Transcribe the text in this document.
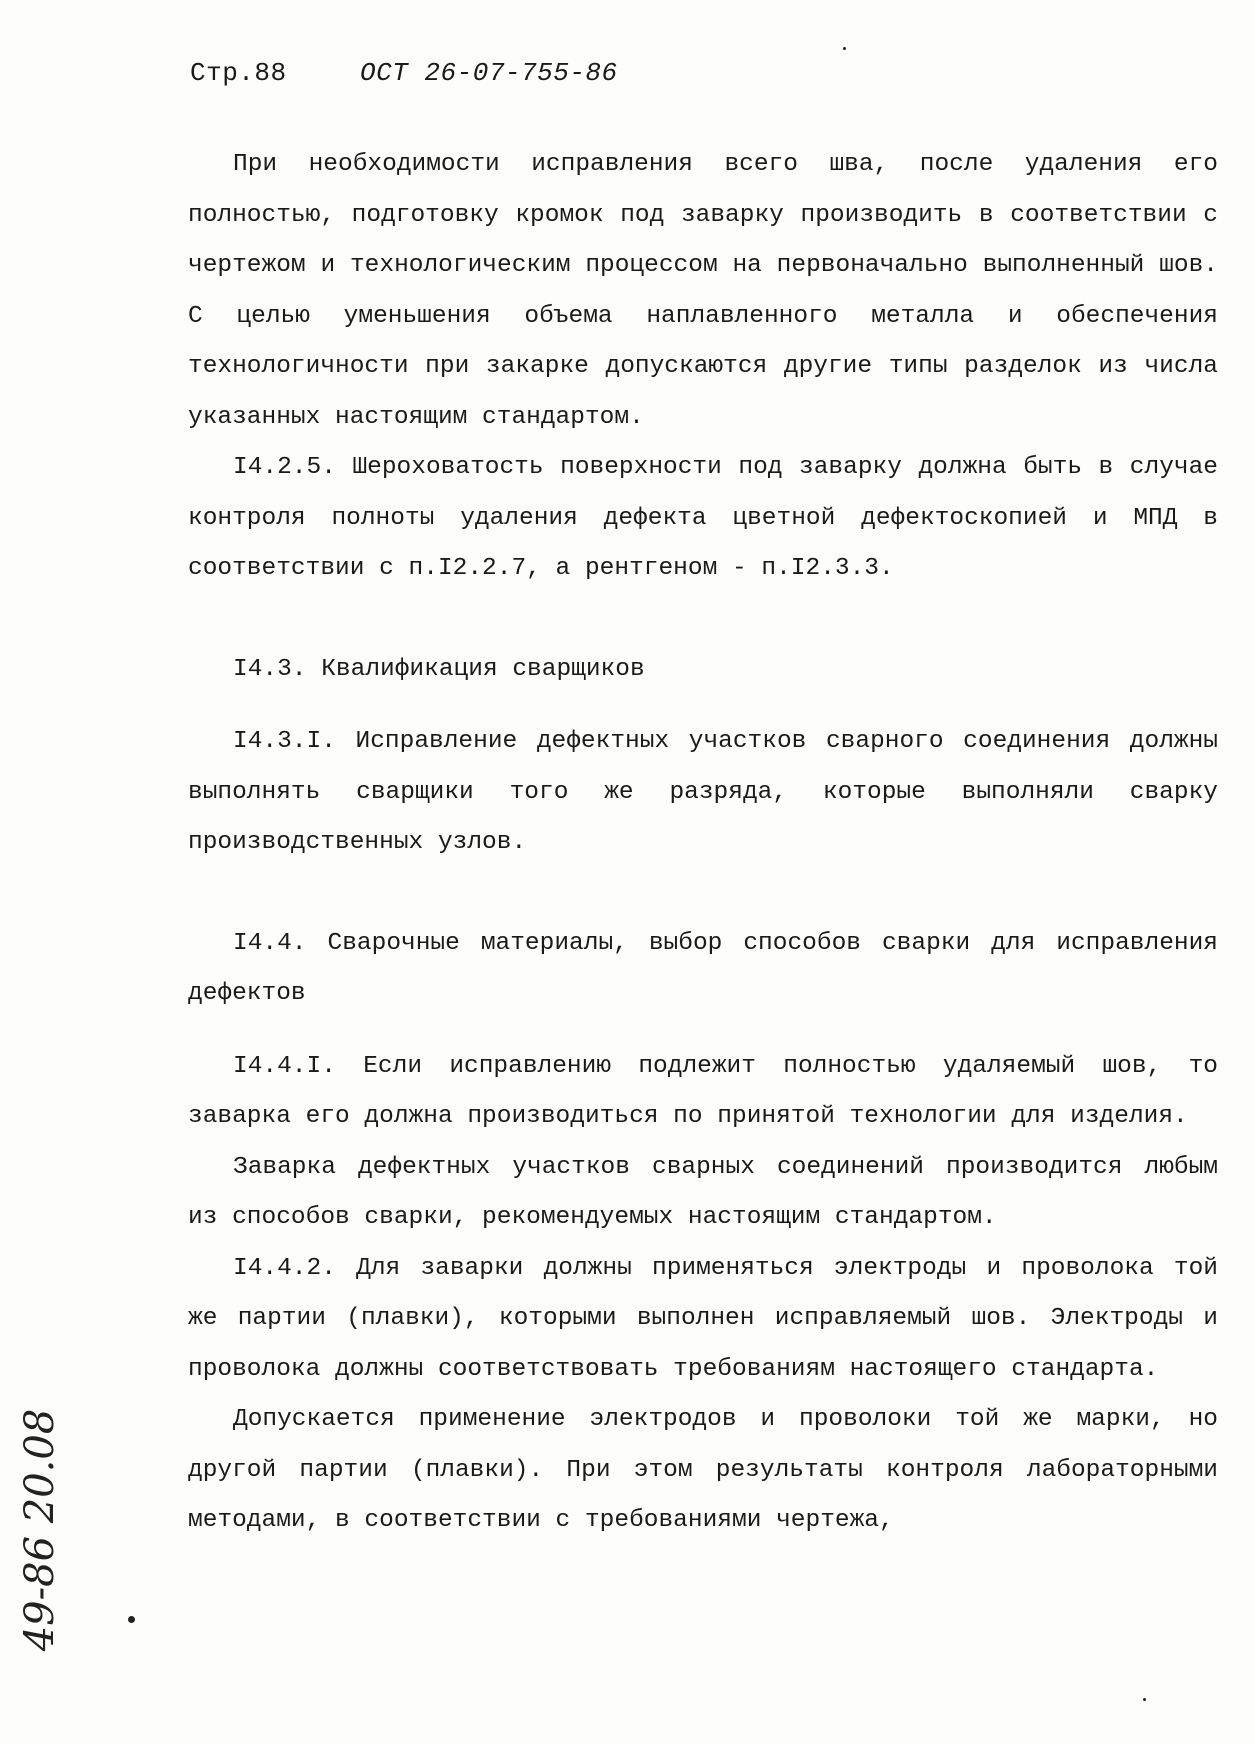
Стр.88	ОСТ 26-07-755-86

При необходимости исправления всего шва, после удаления его полностью, подготовку кромок под заварку производить в соответствии с чертежом и технологическим процессом на первоначально выполненный шов. С целью уменьшения объема наплавленного металла и обеспечения технологичности при закарке допускаются другие типы разделок из числа указанных настоящим стандартом.

I4.2.5. Шероховатость поверхности под заварку должна быть в случае контроля полноты удаления дефекта цветной дефектоскопией и МПД в соответствии с п.I2.2.7, а рентгеном - п.I2.3.3.

I4.3. Квалификация сварщиков

I4.3.I. Исправление дефектных участков сварного соединения должны выполнять сварщики того же разряда, которые выполняли сварку производственных узлов.

I4.4. Сварочные материалы, выбор способов сварки для исправления дефектов

I4.4.I. Если исправлению подлежит полностью удаляемый шов, то заварка его должна производиться по принятой технологии для изделия.

Заварка дефектных участков сварных соединений производится любым из способов сварки, рекомендуемых настоящим стандартом.

I4.4.2. Для заварки должны применяться электроды и проволока той же партии (плавки), которыми выполнен исправляемый шов. Электроды и проволока должны соответствовать требованиям настоящего стандарта.

Допускается применение электродов и проволоки той же марки, но другой партии (плавки). При этом результаты контроля лабораторными методами, в соответствии с требованиями чертежа,

49-86 20.08
